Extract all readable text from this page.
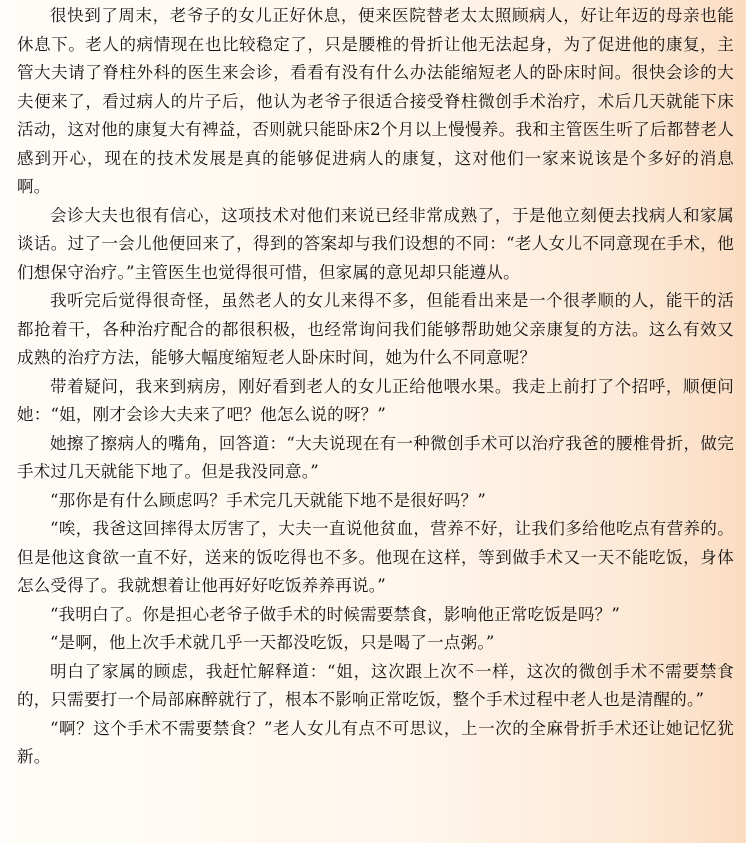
很快到了周末，老爷子的女儿正好休息，便来医院替老太太照顾病人，好让年迈的母亲也能休息下。老人的病情现在也比较稳定了，只是腰椎的骨折让他无法起身，为了促进他的康复，主管大夫请了脊柱外科的医生来会诊，看看有没有什么办法能缩短老人的卧床时间。很快会诊的大夫便来了，看过病人的片子后，他认为老爷子很适合接受脊柱微创手术治疗，术后几天就能下床活动，这对他的康复大有裨益，否则就只能卧床2个月以上慢慢养。我和主管医生听了后都替老人感到开心，现在的技术发展是真的能够促进病人的康复，这对他们一家来说该是个多好的消息啊。

会诊大夫也很有信心，这项技术对他们来说已经非常成熟了，于是他立刻便去找病人和家属谈话。过了一会儿他便回来了，得到的答案却与我们设想的不同：“老人女儿不同意现在手术，他们想保守治疗。”主管医生也觉得很可惜，但家属的意见却只能遵从。

我听完后觉得很奇怪，虽然老人的女儿来得不多，但能看出来是一个很孝顺的人，能干的活都抢着干，各种治疗配合的都很积极，也经常询问我们能够帮助她父亲康复的方法。这么有效又成熟的治疗方法，能够大幅度缩短老人卧床时间，她为什么不同意呢？

带着疑问，我来到病房，刚好看到老人的女儿正给他喂水果。我走上前打了个招呼，顺便问她：“姐，刚才会诊大夫来了吧？他怎么说的呀？”

她擦了擦病人的嘴角，回答道：“大夫说现在有一种微创手术可以治疗我爸的腰椎骨折，做完手术过几天就能下地了。但是我没同意。”

“那你是有什么顾虑吗？手术完几天就能下地不是很好吗？”

“唉，我爸这回摔得太厉害了，大夫一直说他贫血，营养不好，让我们多给他吃点有营养的。但是他这食欲一直不好，送来的饭吃得也不多。他现在这样，等到做手术又一天不能吃饭，身体怎么受得了。我就想着让他再好好吃饭养养再说。”

“我明白了。你是担心老爷子做手术的时候需要禁食，影响他正常吃饭是吗？”

“是啊，他上次手术就几乎一天都没吃饭，只是喝了一点粥。”

明白了家属的顾虑，我赶忙解释道：“姐，这次跟上次不一样，这次的微创手术不需要禁食的，只需要打一个局部麻醉就行了，根本不影响正常吃饭，整个手术过程中老人也是清醒的。”

“啊？这个手术不需要禁食？”老人女儿有点不可思议，上一次的全麻骨折手术还让她记忆犹新。
